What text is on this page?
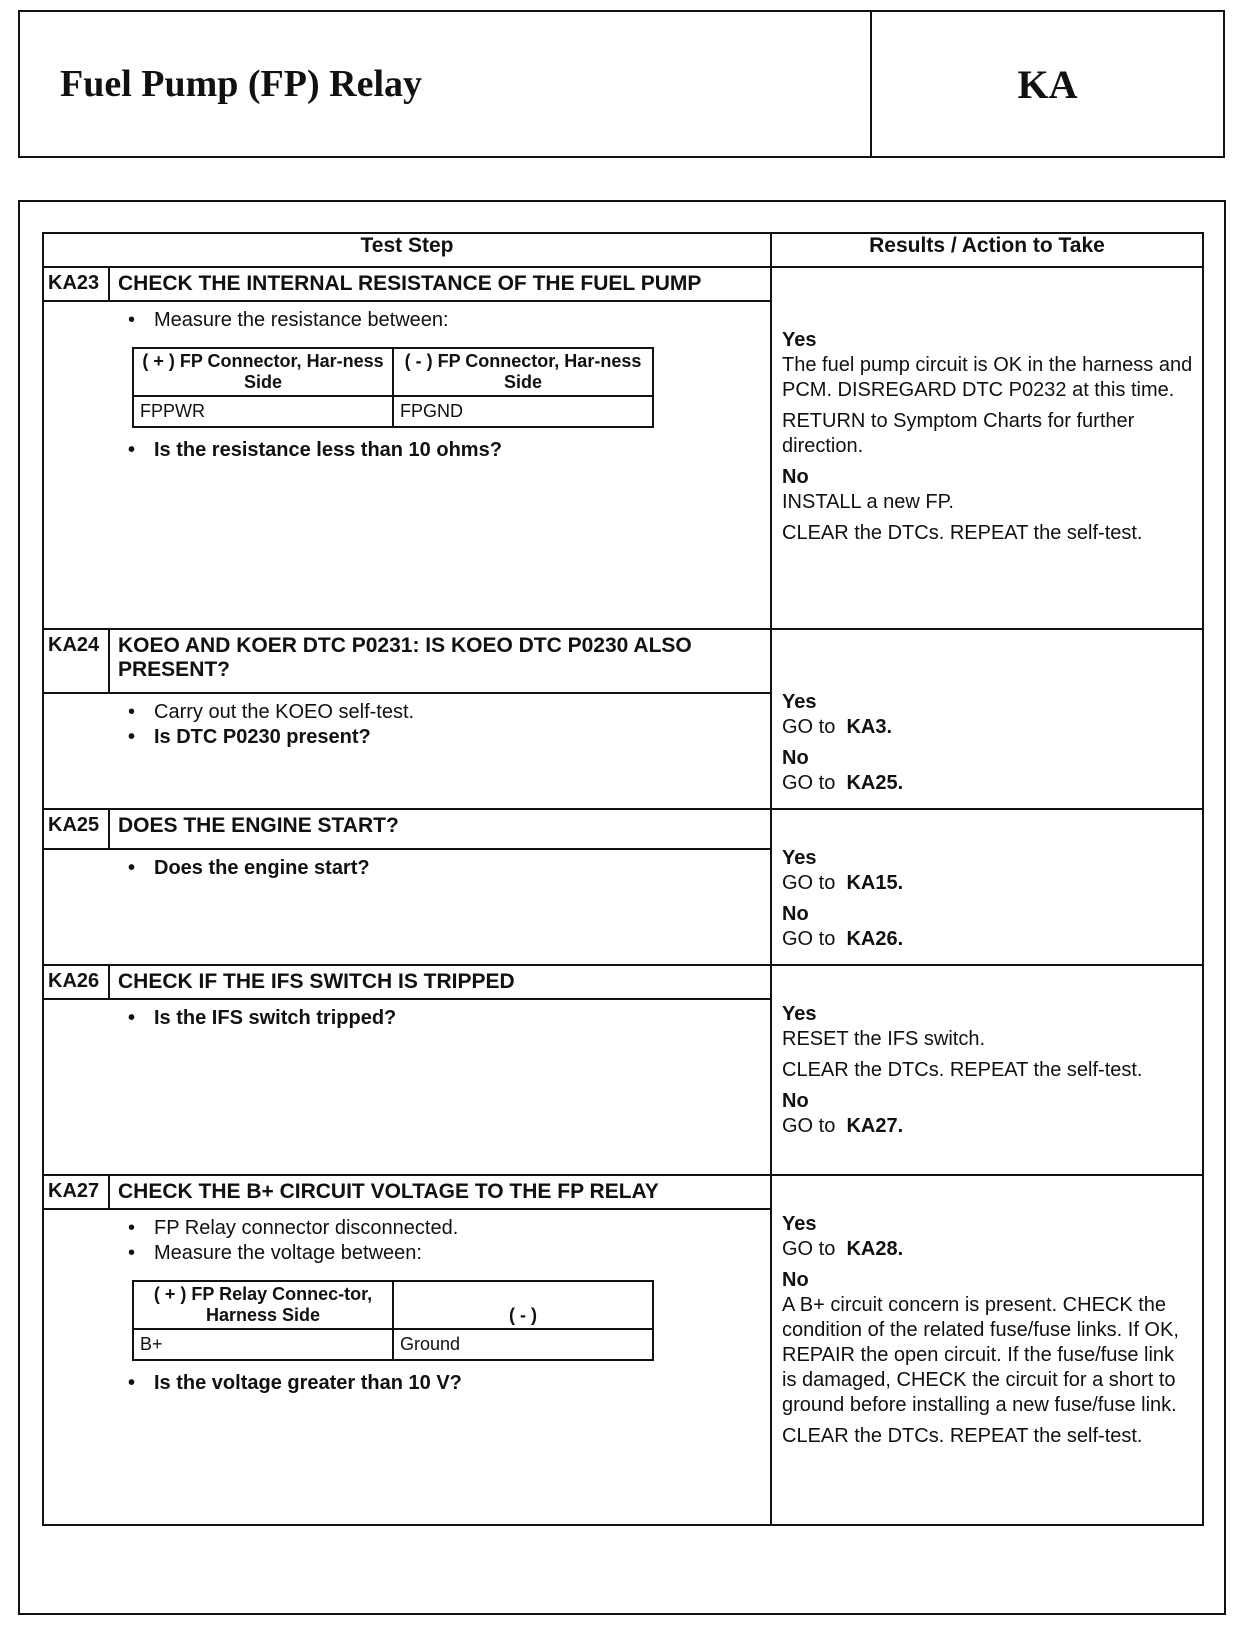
Fuel Pump (FP) Relay	KA
Test Step	Results / Action to Take
KA23	CHECK THE INTERNAL RESISTANCE OF THE FUEL PUMP	
Yes

The fuel pump circuit is OK in the harness and PCM. DISREGARD DTC P0232 at this time.

RETURN to Symptom Charts for further direction.

No

INSTALL a new FP.

CLEAR the DTCs. REPEAT the self-test.

• Measure the resistance between:
( + ) FP Connector, Har-ness Side	( - ) FP Connector, Har-ness Side
FPPWR	FPGND
• Is the resistance less than 10 ohms?

KA24	KOEO AND KOER DTC P0231: IS KOEO DTC P0230 ALSO PRESENT?	
Yes

GO to KA3.

No

GO to KA25.

• Carry out the KOEO self-test.
• Is DTC P0230 present?

KA25	DOES THE ENGINE START?	
Yes

GO to KA15.

No

GO to KA26.

• Does the engine start?

KA26	CHECK IF THE IFS SWITCH IS TRIPPED	
Yes

RESET the IFS switch.

CLEAR the DTCs. REPEAT the self-test.

No

GO to KA27.

• Is the IFS switch tripped?

KA27	CHECK THE B+ CIRCUIT VOLTAGE TO THE FP RELAY	
Yes

GO to KA28.

No

A B+ circuit concern is present. CHECK the condition of the related fuse/fuse links. If OK, REPAIR the open circuit. If the fuse/fuse link is damaged, CHECK the circuit for a short to ground before installing a new fuse/fuse link.

CLEAR the DTCs. REPEAT the self-test.

• FP Relay connector disconnected.
• Measure the voltage between:
( + ) FP Relay Connec-tor, Harness Side	( - )
B+	Ground
• Is the voltage greater than 10 V?
